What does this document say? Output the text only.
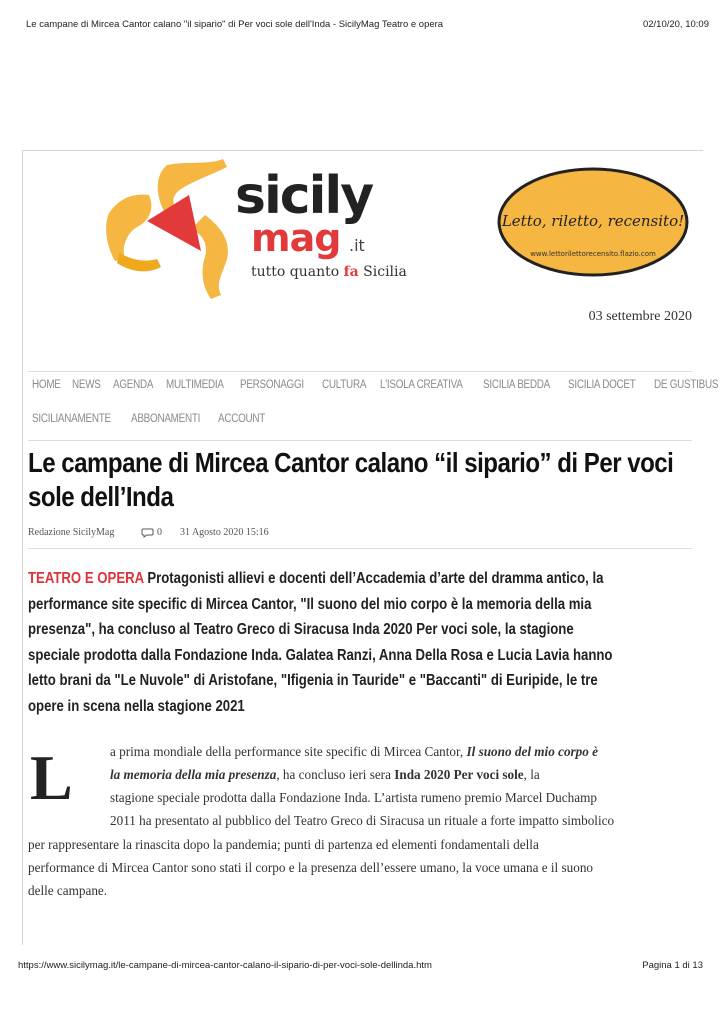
Le campane di Mircea Cantor calano "il sipario" di Per voci sole dell'Inda - SicilyMag Teatro e opera	02/10/20, 10:09
sicily
mag .it
tutto quanto fa Sicilia
Letto, riletto, recensito!
www.lettorilettorecensito.flazio.com
03 settembre 2020
HOME NEWS AGENDA MULTIMEDIA PERSONAGGI CULTURA L'ISOLA CREATIVA SICILIA BEDDA SICILIA DOCET DE GUSTIBUS
SICILIANAMENTE ABBONAMENTI ACCOUNT
Le campane di Mircea Cantor calano “il sipario” di Per voci
sole dell’Inda
Redazione SicilyMag	0 31 Agosto 2020 15:16
TEATRO E OPERA Protagonisti allievi e docenti dell’Accademia d’arte del dramma antico, la
performance site specific di Mircea Cantor, "Il suono del mio corpo è la memoria della mia
presenza", ha concluso al Teatro Greco di Siracusa Inda 2020 Per voci sole, la stagione
speciale prodotta dalla Fondazione Inda. Galatea Ranzi, Anna Della Rosa e Lucia Lavia hanno
letto brani da "Le Nuvole" di Aristofane, "Ifigenia in Tauride" e "Baccanti" di Euripide, le tre
opere in scena nella stagione 2021
L	a prima mondiale della performance site specific di Mircea Cantor, Il suono del mio corpo è
la memoria della mia presenza, ha concluso ieri sera Inda 2020 Per voci sole, la
stagione speciale prodotta dalla Fondazione Inda. L’artista rumeno premio Marcel Duchamp
2011 ha presentato al pubblico del Teatro Greco di Siracusa un rituale a forte impatto simbolico
per rappresentare la rinascita dopo la pandemia; punti di partenza ed elementi fondamentali della
performance di Mircea Cantor sono stati il corpo e la presenza dell’essere umano, la voce umana e il suono
delle campane.
https://www.sicilymag.it/le-campane-di-mircea-cantor-calano-il-sipario-di-per-voci-sole-dellinda.htm	Pagina 1 di 13
